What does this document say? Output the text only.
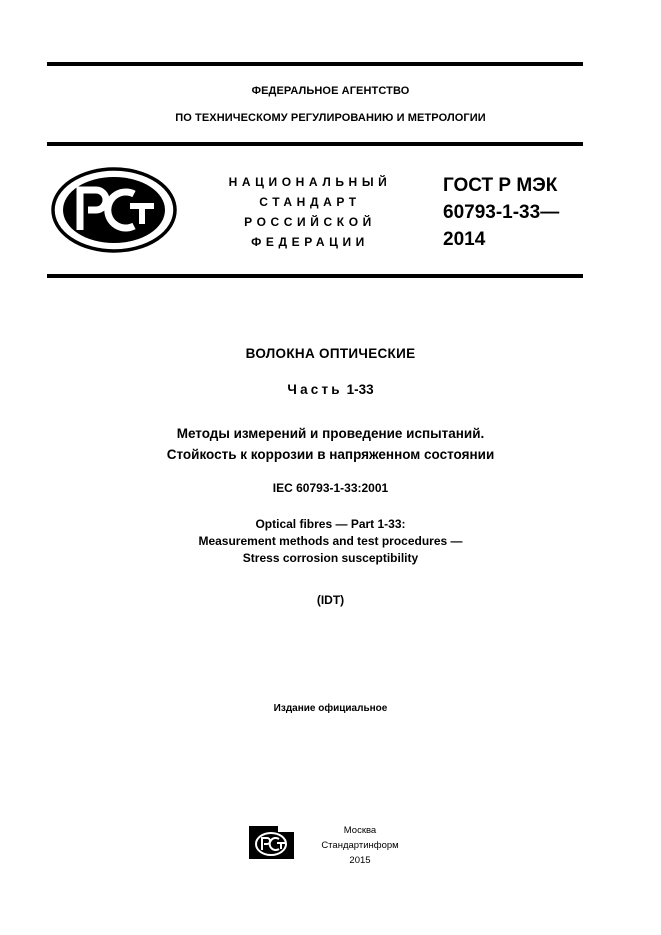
ФЕДЕРАЛЬНОЕ АГЕНТСТВО
ПО ТЕХНИЧЕСКОМУ РЕГУЛИРОВАНИЮ И МЕТРОЛОГИИ
НАЦИОНАЛЬНЫЙ
СТАНДАРТ
РОССИЙСКОЙ
ФЕДЕРАЦИИ
ГОСТ Р МЭК
60793-1-33—
2014
ВОЛОКНА ОПТИЧЕСКИЕ
Часть 1-33
Методы измерений и проведение испытаний.
Стойкость к коррозии в напряженном состоянии
IEC 60793-1-33:2001
Optical fibres — Part 1-33:
Measurement methods and test procedures —
Stress corrosion susceptibility
(IDT)
Издание официальное
Москва
Стандартинформ
2015
